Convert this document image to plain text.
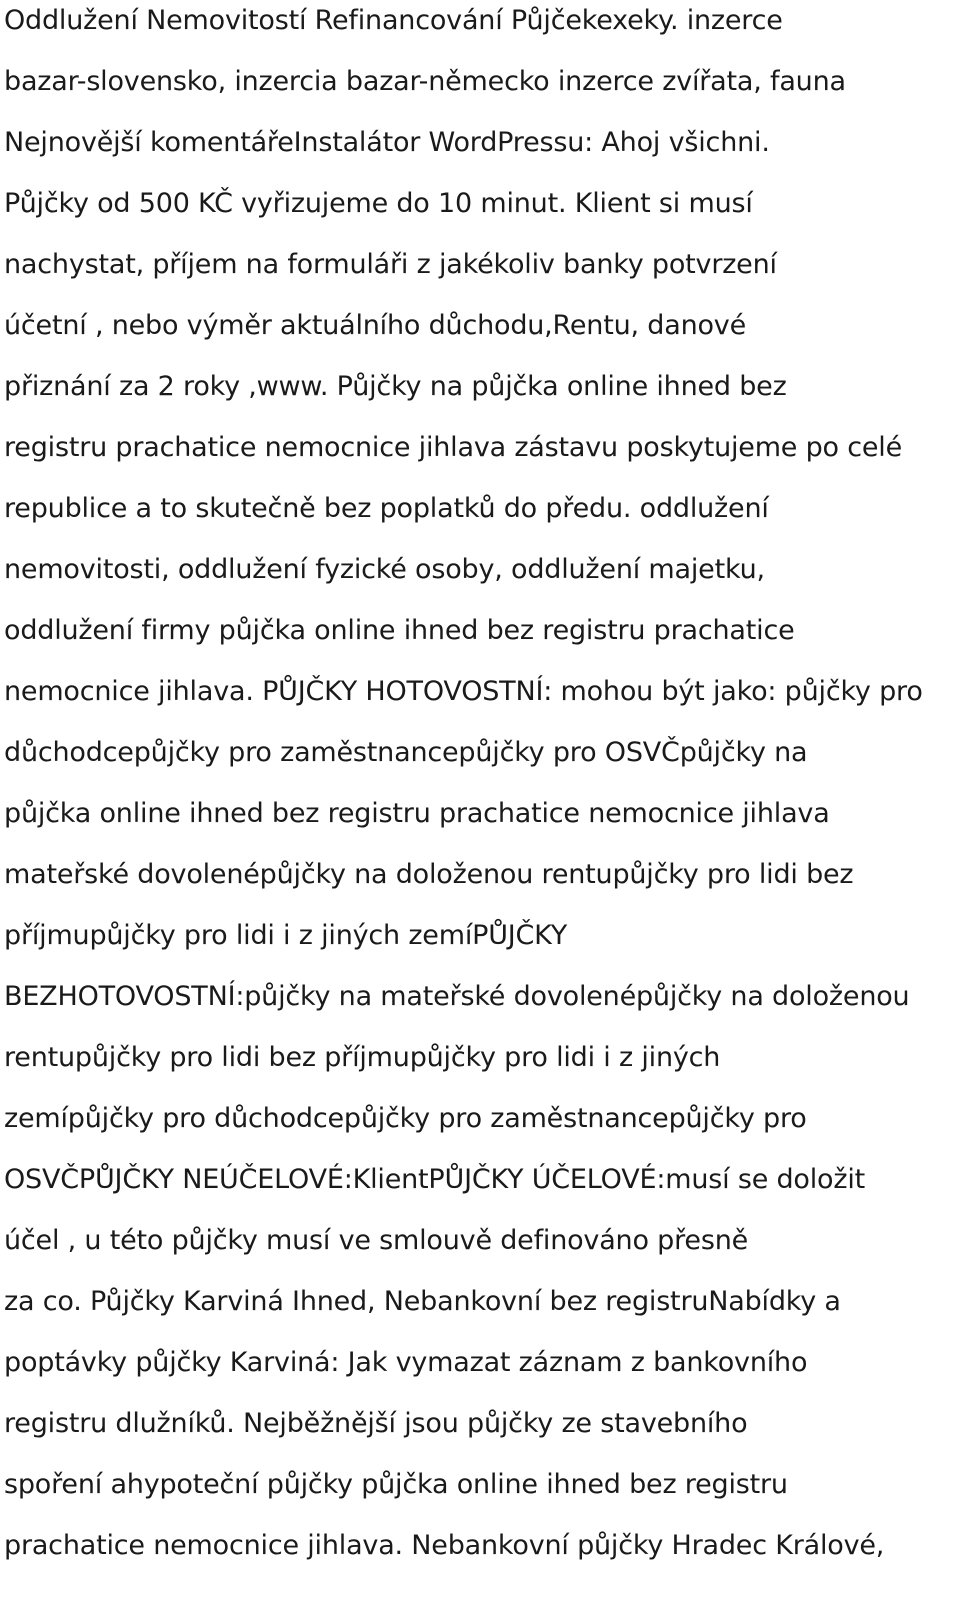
Oddlužení Nemovitostí Refinancování Půjčekexeky. inzerce
bazar-slovensko, inzercia bazar-německo inzerce zvířata, fauna
Nejnovější komentářeInstalátor WordPressu: Ahoj všichni.
Půjčky od 500 KČ vyřizujeme do 10 minut. Klient si musí
nachystat, příjem na formuláři z jakékoliv banky potvrzení
účetní , nebo výměr aktuálního důchodu,Rentu, danové
přiznání za 2 roky ,www. Půjčky na půjčka online ihned bez
registru prachatice nemocnice jihlava zástavu poskytujeme po celé
republice a to skutečně bez poplatků do předu. oddlužení
nemovitosti, oddlužení fyzické osoby, oddlužení majetku,
oddlužení firmy půjčka online ihned bez registru prachatice
nemocnice jihlava. PŮJČKY HOTOVOSTNÍ: mohou být jako: půjčky pro
důchodcepůjčky pro zaměstnancepůjčky pro OSVČpůjčky na
půjčka online ihned bez registru prachatice nemocnice jihlava
mateřské dovolenépůjčky na doloženou rentupůjčky pro lidi bez
příjmupůjčky pro lidi i z jiných zemíPŮJČKY
BEZHOTOVOSTNÍ:půjčky na mateřské dovolenépůjčky na doloženou
rentupůjčky pro lidi bez příjmupůjčky pro lidi i z jiných
zemípůjčky pro důchodcepůjčky pro zaměstnancepůjčky pro
OSVČPŮJČKY NEÚČELOVÉ:KlientPŮJČKY ÚČELOVÉ:musí se doložit
účel , u této půjčky musí ve smlouvě definováno přesně
za co. Půjčky Karviná Ihned, Nebankovní bez registruNabídky a
poptávky půjčky Karviná: Jak vymazat záznam z bankovního
registru dlužníků. Nejběžnější jsou půjčky ze stavebního
spoření ahypoteční půjčky půjčka online ihned bez registru
prachatice nemocnice jihlava. Nebankovní půjčky Hradec Králové,
